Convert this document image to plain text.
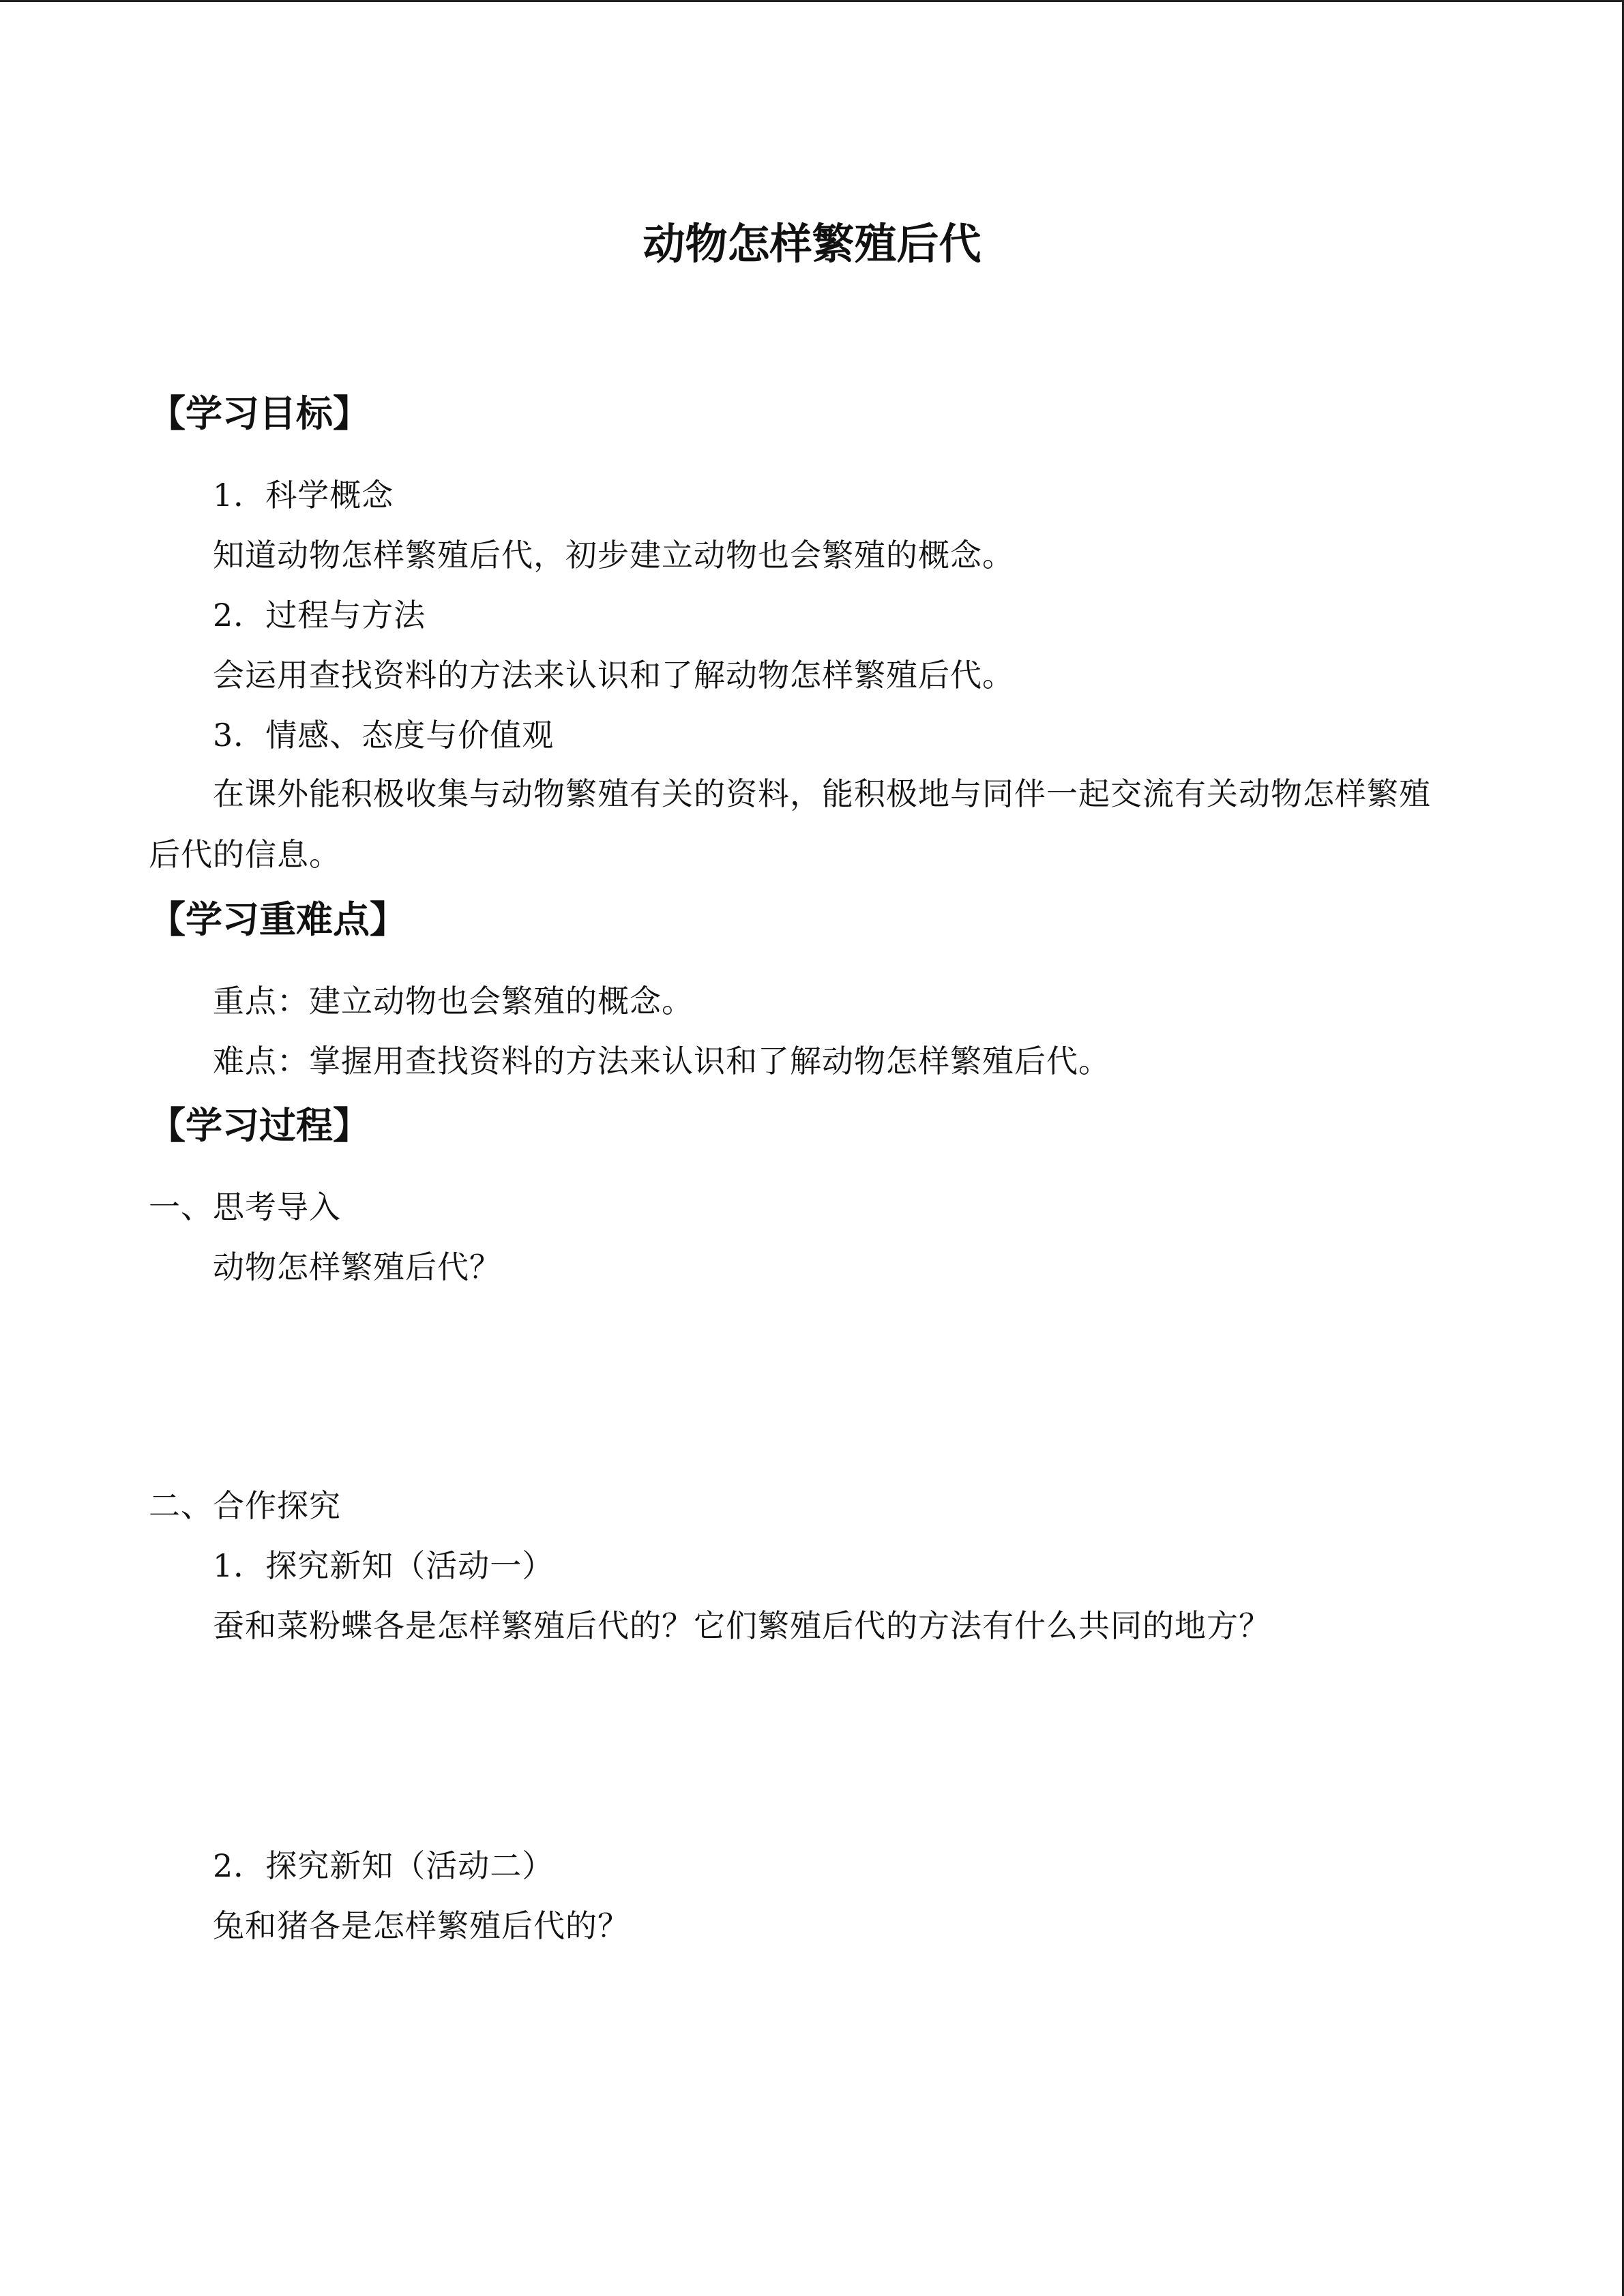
动物怎样繁殖后代
【学习目标】
1．科学概念
知道动物怎样繁殖后代，初步建立动物也会繁殖的概念。
2．过程与方法
会运用查找资料的方法来认识和了解动物怎样繁殖后代。
3．情感、态度与价值观
在课外能积极收集与动物繁殖有关的资料，能积极地与同伴一起交流有关动物怎样繁殖后代的信息。
【学习重难点】
重点：建立动物也会繁殖的概念。
难点：掌握用查找资料的方法来认识和了解动物怎样繁殖后代。
【学习过程】
一、思考导入
动物怎样繁殖后代？
二、合作探究
1．探究新知（活动一）
蚕和菜粉蝶各是怎样繁殖后代的？它们繁殖后代的方法有什么共同的地方？
2．探究新知（活动二）
兔和猪各是怎样繁殖后代的？
